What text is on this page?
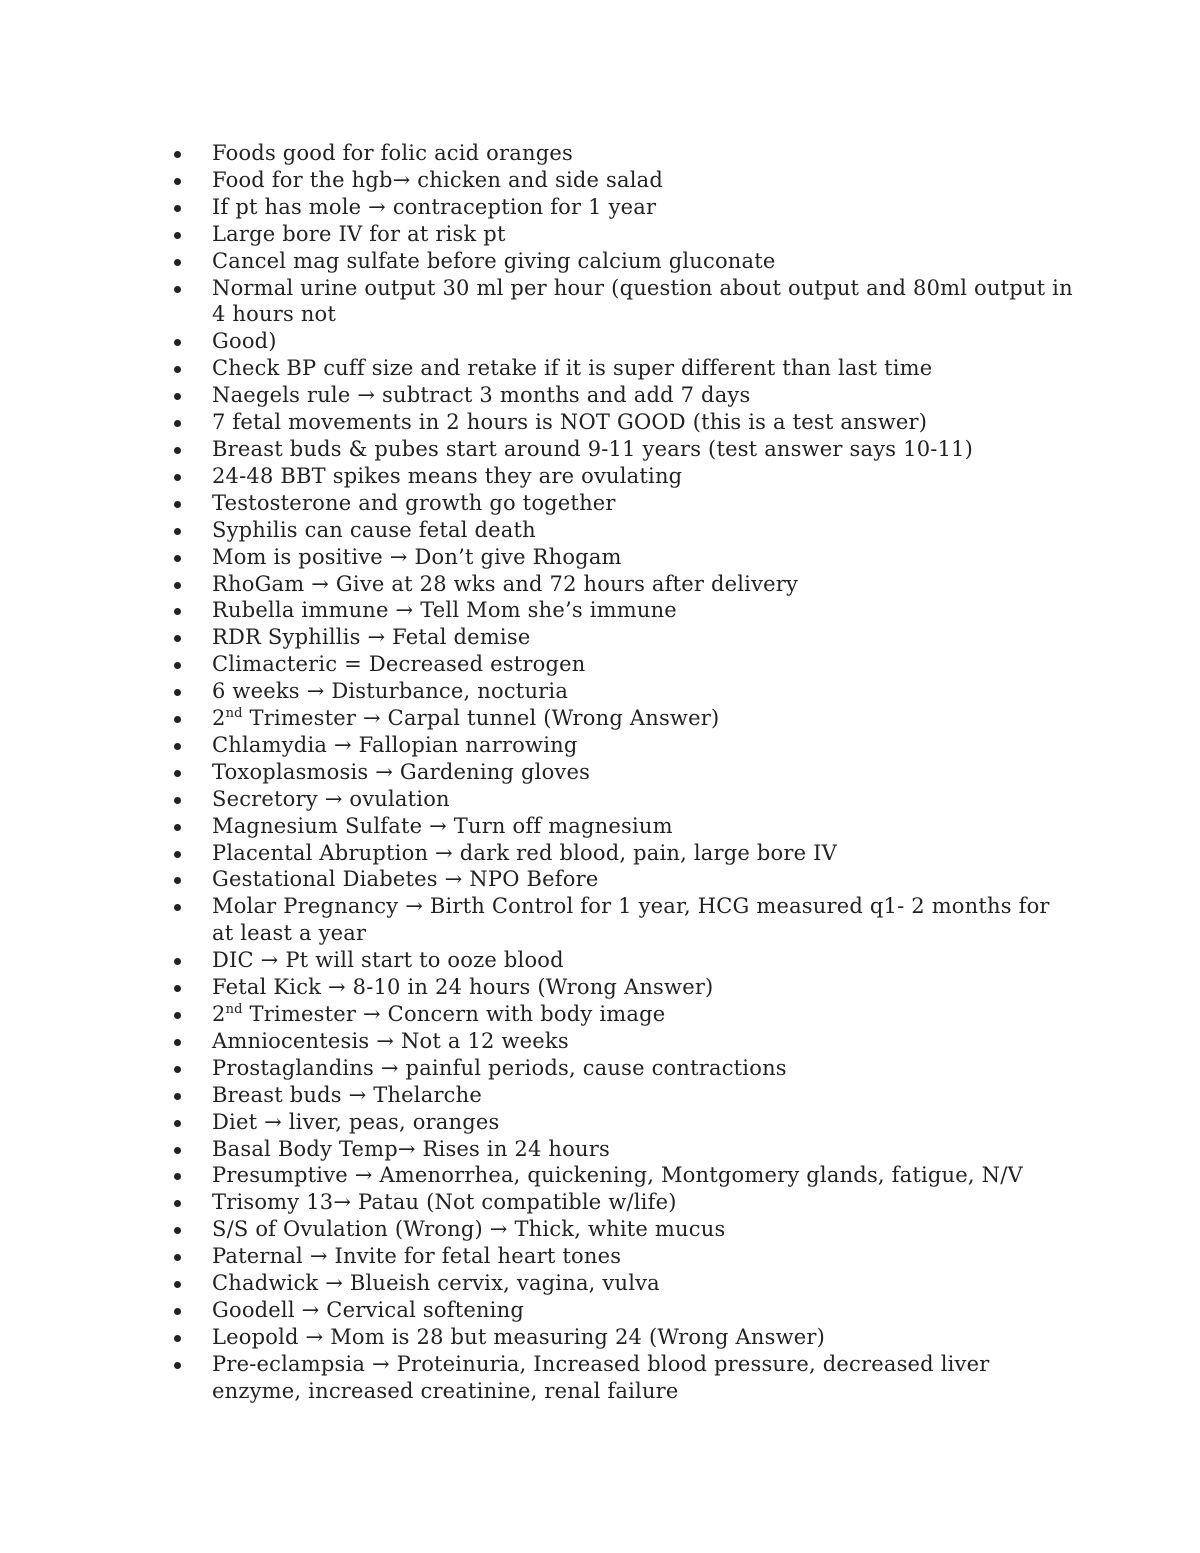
Foods good for folic acid oranges
Food for the hgb→ chicken and side salad
If pt has mole → contraception for 1 year
Large bore IV for at risk pt
Cancel mag sulfate before giving calcium gluconate
Normal urine output 30 ml per hour (question about output and 80ml output in 4 hours not
Good)
Check BP cuff size and retake if it is super different than last time
Naegels rule → subtract 3 months and add 7 days
7 fetal movements in 2 hours is NOT GOOD (this is a test answer)
Breast buds & pubes start around 9-11 years (test answer says 10-11)
24-48 BBT spikes means they are ovulating
Testosterone and growth go together
Syphilis can cause fetal death
Mom is positive → Don’t give Rhogam
RhoGam → Give at 28 wks and 72 hours after delivery
Rubella immune → Tell Mom she’s immune
RDR Syphillis → Fetal demise
Climacteric = Decreased estrogen
6 weeks → Disturbance, nocturia
2nd Trimester → Carpal tunnel (Wrong Answer)
Chlamydia → Fallopian narrowing
Toxoplasmosis → Gardening gloves
Secretory → ovulation
Magnesium Sulfate → Turn off magnesium
Placental Abruption → dark red blood, pain, large bore IV
Gestational Diabetes → NPO Before
Molar Pregnancy → Birth Control for 1 year, HCG measured q1- 2 months for at least a year
DIC → Pt will start to ooze blood
Fetal Kick → 8-10 in 24 hours (Wrong Answer)
2nd Trimester → Concern with body image
Amniocentesis → Not a 12 weeks
Prostaglandins → painful periods, cause contractions
Breast buds → Thelarche
Diet → liver, peas, oranges
Basal Body Temp→ Rises in 24 hours
Presumptive → Amenorrhea, quickening, Montgomery glands, fatigue, N/V
Trisomy 13→ Patau (Not compatible w/life)
S/S of Ovulation (Wrong) → Thick, white mucus
Paternal → Invite for fetal heart tones
Chadwick → Blueish cervix, vagina, vulva
Goodell → Cervical softening
Leopold → Mom is 28 but measuring 24 (Wrong Answer)
Pre-eclampsia → Proteinuria, Increased blood pressure, decreased liver enzyme, increased creatinine, renal failure
